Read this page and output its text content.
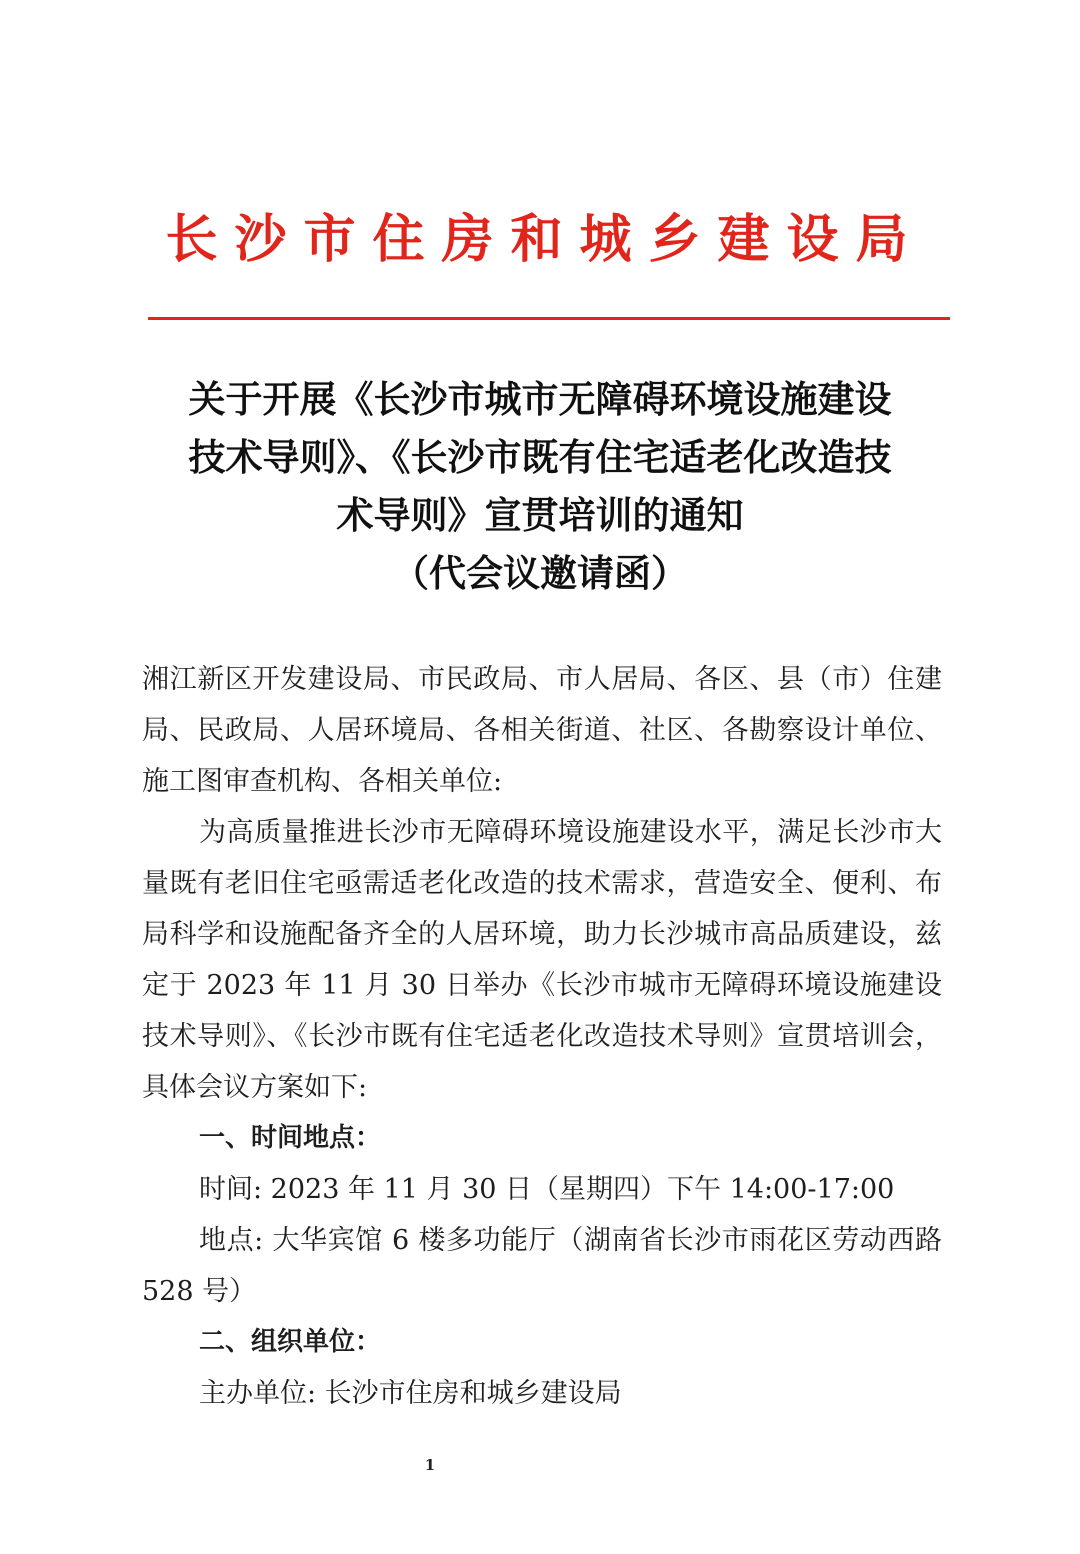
长沙市住房和城乡建设局
关于开展《长沙市城市无障碍环境设施建设
技术导则》、《长沙市既有住宅适老化改造技
术导则》宣贯培训的通知
（代会议邀请函）

湘江新区开发建设局、市民政局、市人居局、各区、县（市）住建局、民政局、人居环境局、各相关街道、社区、各勘察设计单位、施工图审查机构、各相关单位:

为高质量推进长沙市无障碍环境设施建设水平，满足长沙市大量既有老旧住宅亟需适老化改造的技术需求，营造安全、便利、布局科学和设施配备齐全的人居环境，助力长沙城市高品质建设，兹定于 2023 年 11 月 30 日举办《长沙市城市无障碍环境设施建设技术导则》、《长沙市既有住宅适老化改造技术导则》宣贯培训会，具体会议方案如下:

一、时间地点：

时间: 2023 年 11 月 30 日（星期四）下午 14:00-17:00

地点: 大华宾馆 6 楼多功能厅（湖南省长沙市雨花区劳动西路 528 号）

二、组织单位：

主办单位: 长沙市住房和城乡建设局

1
